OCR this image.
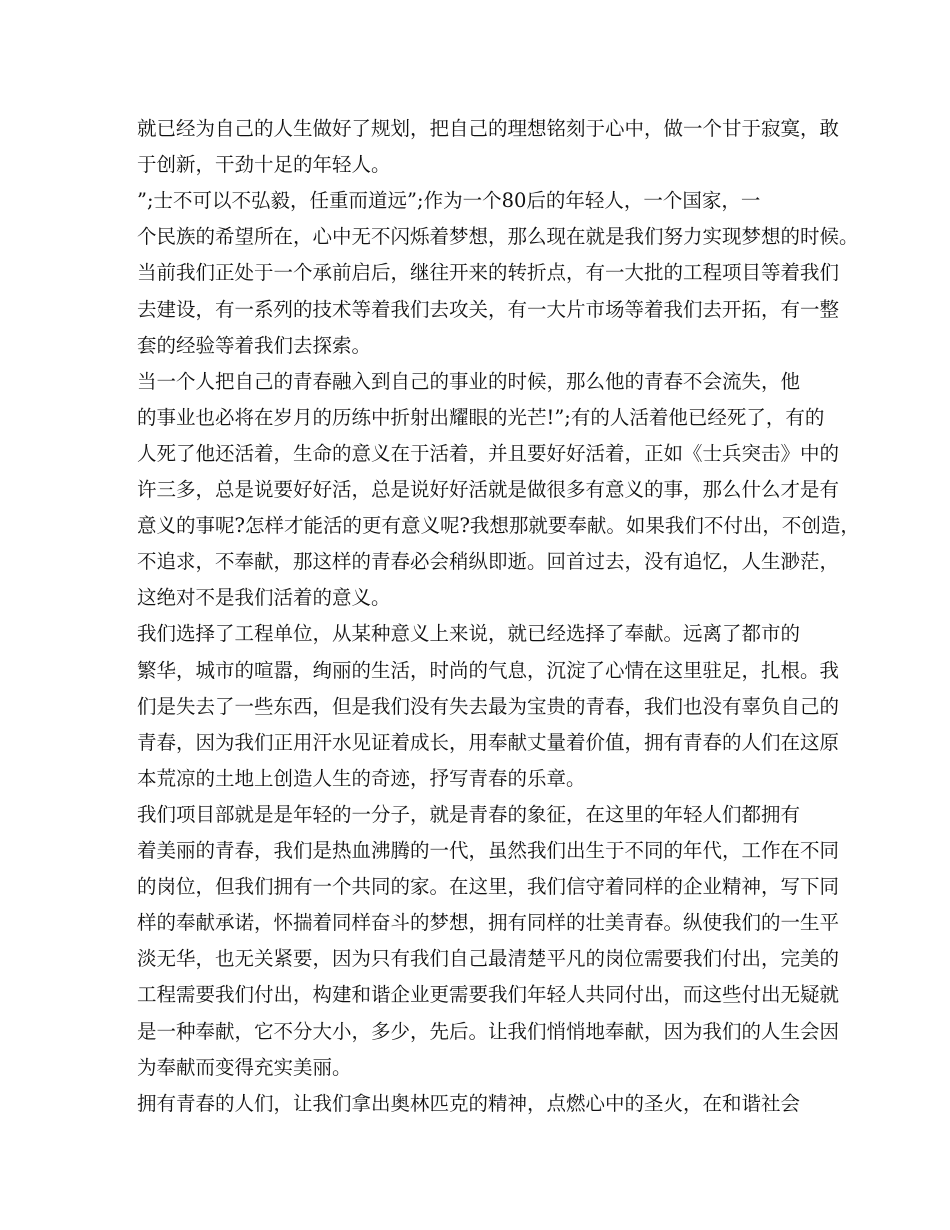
就已经为自己的人生做好了规划，把自己的理想铭刻于心中，做一个甘于寂寞，敢
于创新，干劲十足的年轻人。
”;士不可以不弘毅，任重而道远”;作为一个80后的年轻人，一个国家，一
个民族的希望所在，心中无不闪烁着梦想，那么现在就是我们努力实现梦想的时候。
当前我们正处于一个承前启后，继往开来的转折点，有一大批的工程项目等着我们
去建设，有一系列的技术等着我们去攻关，有一大片市场等着我们去开拓，有一整
套的经验等着我们去探索。
当一个人把自己的青春融入到自己的事业的时候，那么他的青春不会流失，他
的事业也必将在岁月的历练中折射出耀眼的光芒!”;有的人活着他已经死了，有的
人死了他还活着，生命的意义在于活着，并且要好好活着，正如《士兵突击》中的
许三多，总是说要好好活，总是说好好活就是做很多有意义的事，那么什么才是有
意义的事呢?怎样才能活的更有意义呢?我想那就要奉献。如果我们不付出，不创造，
不追求，不奉献，那这样的青春必会稍纵即逝。回首过去，没有追忆，人生渺茫，
这绝对不是我们活着的意义。
我们选择了工程单位，从某种意义上来说，就已经选择了奉献。远离了都市的
繁华，城市的喧嚣，绚丽的生活，时尚的气息，沉淀了心情在这里驻足，扎根。我
们是失去了一些东西，但是我们没有失去最为宝贵的青春，我们也没有辜负自己的
青春，因为我们正用汗水见证着成长，用奉献丈量着价值，拥有青春的人们在这原
本荒凉的土地上创造人生的奇迹，抒写青春的乐章。
我们项目部就是是年轻的一分子，就是青春的象征，在这里的年轻人们都拥有
着美丽的青春，我们是热血沸腾的一代，虽然我们出生于不同的年代，工作在不同
的岗位，但我们拥有一个共同的家。在这里，我们信守着同样的企业精神，写下同
样的奉献承诺，怀揣着同样奋斗的梦想，拥有同样的壮美青春。纵使我们的一生平
淡无华，也无关紧要，因为只有我们自己最清楚平凡的岗位需要我们付出，完美的
工程需要我们付出，构建和谐企业更需要我们年轻人共同付出，而这些付出无疑就
是一种奉献，它不分大小，多少，先后。让我们悄悄地奉献，因为我们的人生会因
为奉献而变得充实美丽。
拥有青春的人们，让我们拿出奥林匹克的精神，点燃心中的圣火，在和谐社会
